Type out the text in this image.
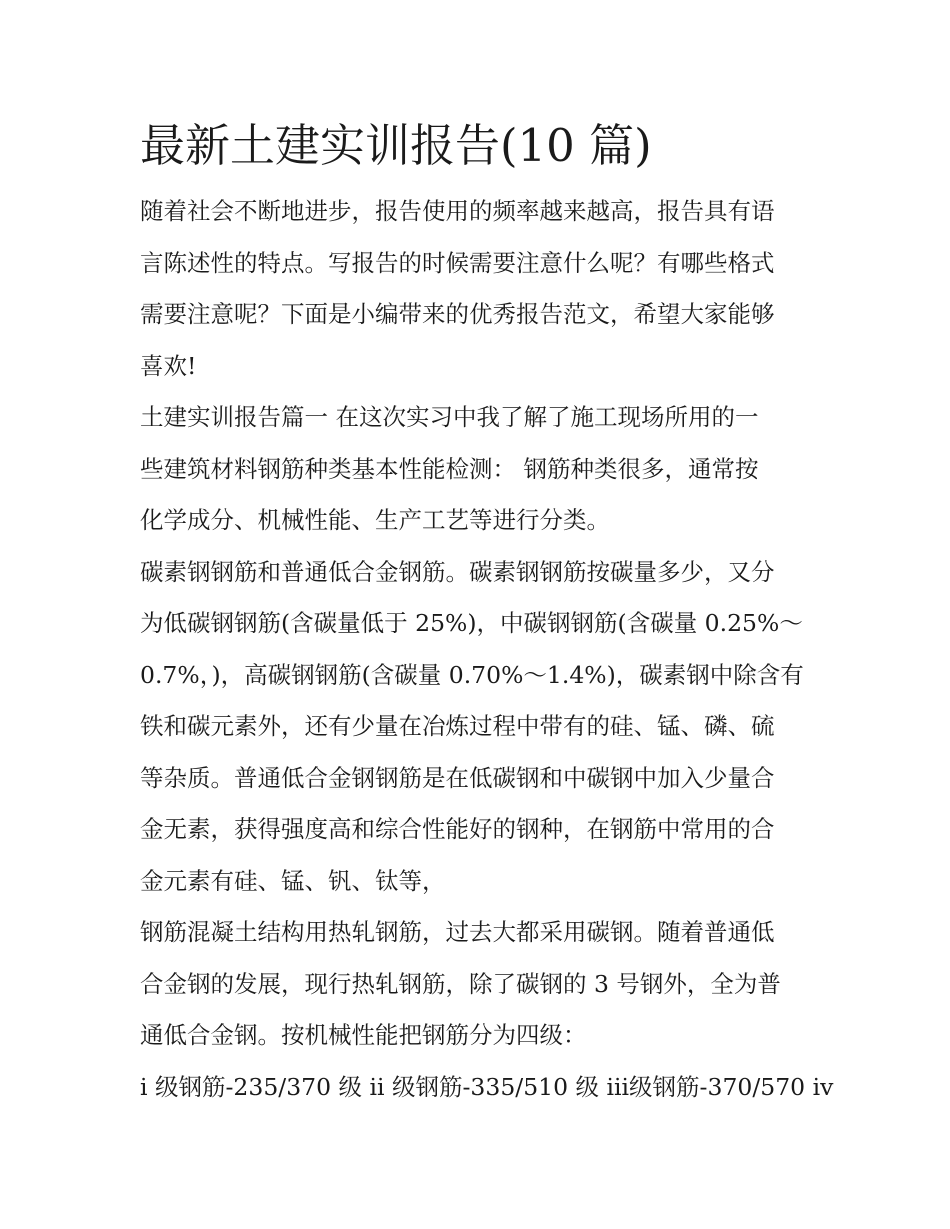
最新土建实训报告(10 篇)

随着社会不断地进步，报告使用的频率越来越高，报告具有语
言陈述性的特点。写报告的时候需要注意什么呢？有哪些格式
需要注意呢？下面是小编带来的优秀报告范文，希望大家能够
喜欢!

土建实训报告篇一 在这次实习中我了解了施工现场所用的一
些建筑材料钢筋种类基本性能检测： 钢筋种类很多，通常按
化学成分、机械性能、生产工艺等进行分类。

碳素钢钢筋和普通低合金钢筋。碳素钢钢筋按碳量多少，又分
为低碳钢钢筋(含碳量低于 25%)，中碳钢钢筋(含碳量 0.25%～
0.7%，)，高碳钢钢筋(含碳量 0.70%～1.4%)，碳素钢中除含有
铁和碳元素外，还有少量在冶炼过程中带有的硅、锰、磷、硫
等杂质。普通低合金钢钢筋是在低碳钢和中碳钢中加入少量合
金无素，获得强度高和综合性能好的钢种，在钢筋中常用的合
金元素有硅、锰、钒、钛等，

钢筋混凝土结构用热轧钢筋，过去大都采用碳钢。随着普通低
合金钢的发展，现行热轧钢筋，除了碳钢的 3 号钢外，全为普
通低合金钢。按机械性能把钢筋分为四级：

i 级钢筋-235/370 级 ii 级钢筋-335/510 级 iii级钢筋-370/570 iv
